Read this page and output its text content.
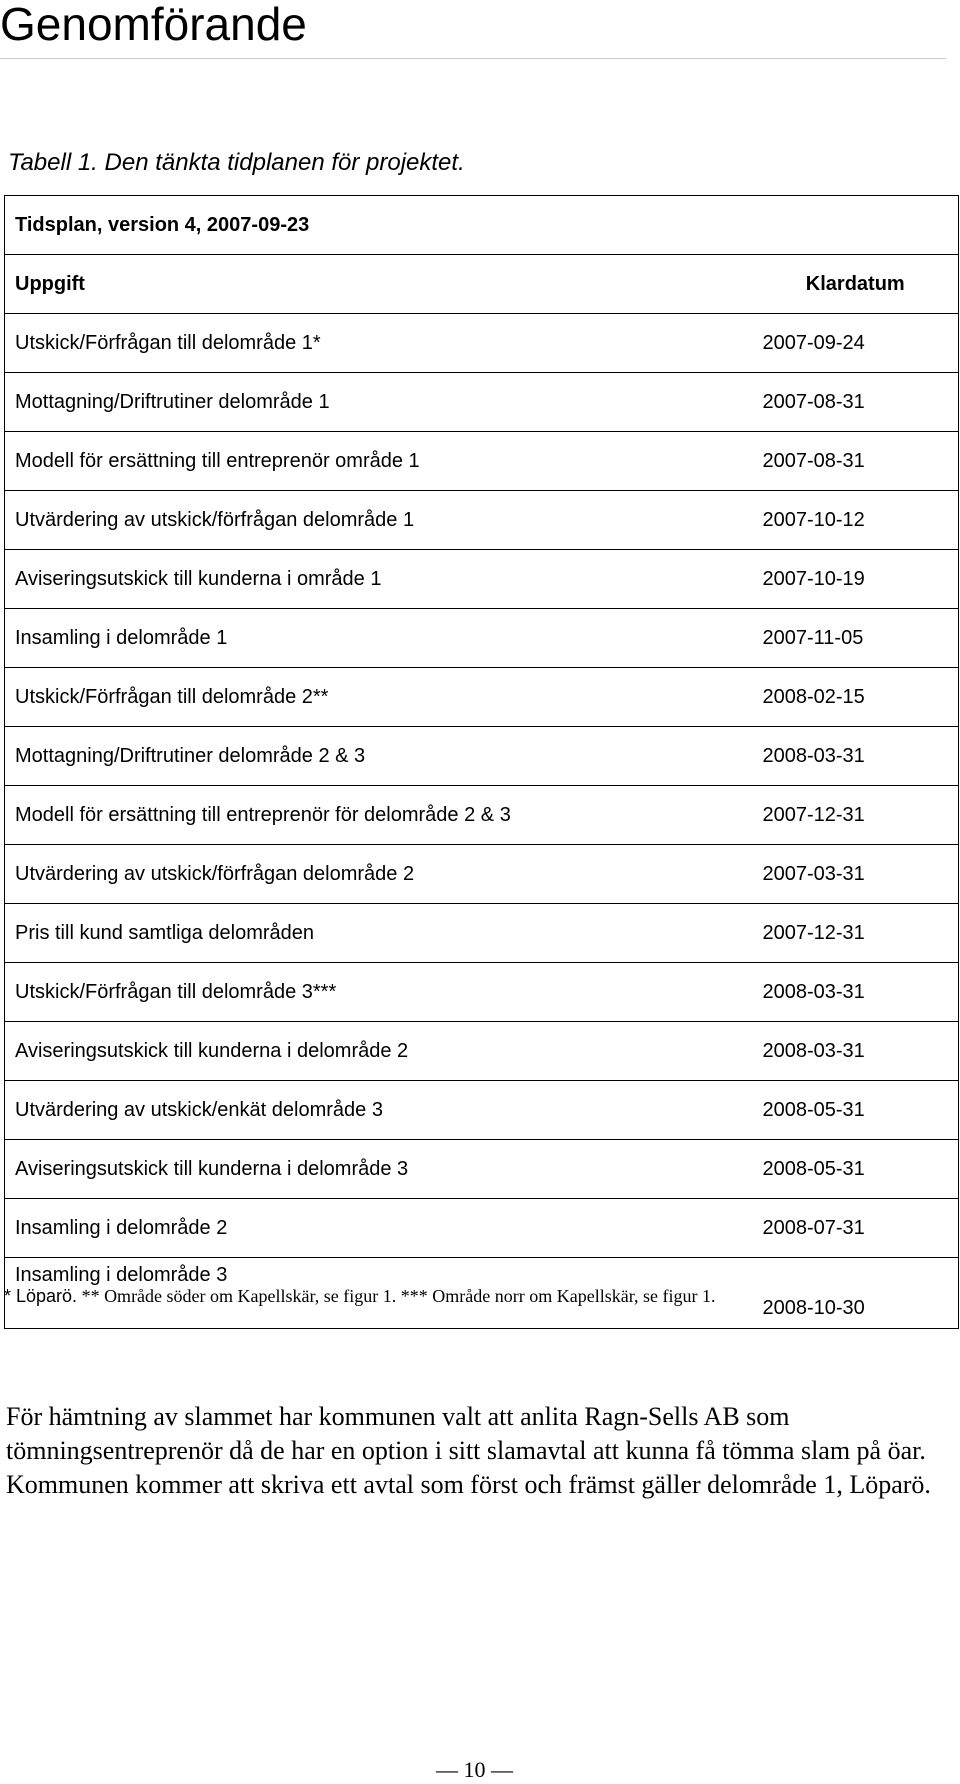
Genomförande
Tabell 1. Den tänkta tidplanen för projektet.
Tidsplan, version 4, 2007-09-23	
Uppgift	Klardatum
Utskick/Förfrågan till delområde 1*	2007-09-24
Mottagning/Driftrutiner delområde 1	2007-08-31
Modell för ersättning till entreprenör område 1	2007-08-31
Utvärdering av utskick/förfrågan delområde 1	2007-10-12
Aviseringsutskick till kunderna i område 1	2007-10-19
Insamling i delområde 1	2007-11-05
Utskick/Förfrågan till delområde 2**	2008-02-15
Mottagning/Driftrutiner delområde 2 & 3	2008-03-31
Modell för ersättning till entreprenör för delområde 2 & 3	2007-12-31
Utvärdering av utskick/förfrågan delområde 2	2007-03-31
Pris till kund samtliga delområden	2007-12-31
Utskick/Förfrågan till delområde 3***	2008-03-31
Aviseringsutskick till kunderna i delområde 2	2008-03-31
Utvärdering av utskick/enkät delområde 3	2008-05-31
Aviseringsutskick till kunderna i delområde 3	2008-05-31
Insamling i delområde 2	2008-07-31
Insamling i delområde 3	2008-10-30
* Löparö. ** Område söder om Kapellskär, se figur 1. *** Område norr om Kapellskär, se figur 1.

För hämtning av slammet har kommunen valt att anlita Ragn-Sells AB som tömningsentreprenör då de har en option i sitt slamavtal att kunna få tömma slam på öar. Kommunen kommer att skriva ett avtal som först och främst gäller delområde 1, Löparö.

— 10 —
